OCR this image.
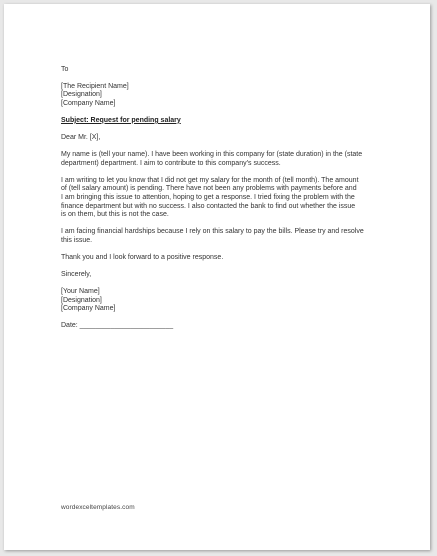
To
[The Recipient Name]
[Designation]
[Company Name]
Subject: Request for pending salary
Dear Mr. [X],
My name is (tell your name). I have been working in this company for (state duration) in the (state
department) department. I aim to contribute to this company’s success.
I am writing to let you know that I did not get my salary for the month of (tell month). The amount
of (tell salary amount) is pending. There have not been any problems with payments before and
I am bringing this issue to attention, hoping to get a response. I tried fixing the problem with the
finance department but with no success. I also contacted the bank to find out whether the issue
is on them, but this is not the case.
I am facing financial hardships because I rely on this salary to pay the bills. Please try and resolve
this issue.
Thank you and I look forward to a positive response.
Sincerely,
[Your Name]
[Designation]
[Company Name]
Date: ________________________
wordexceltemplates.com
